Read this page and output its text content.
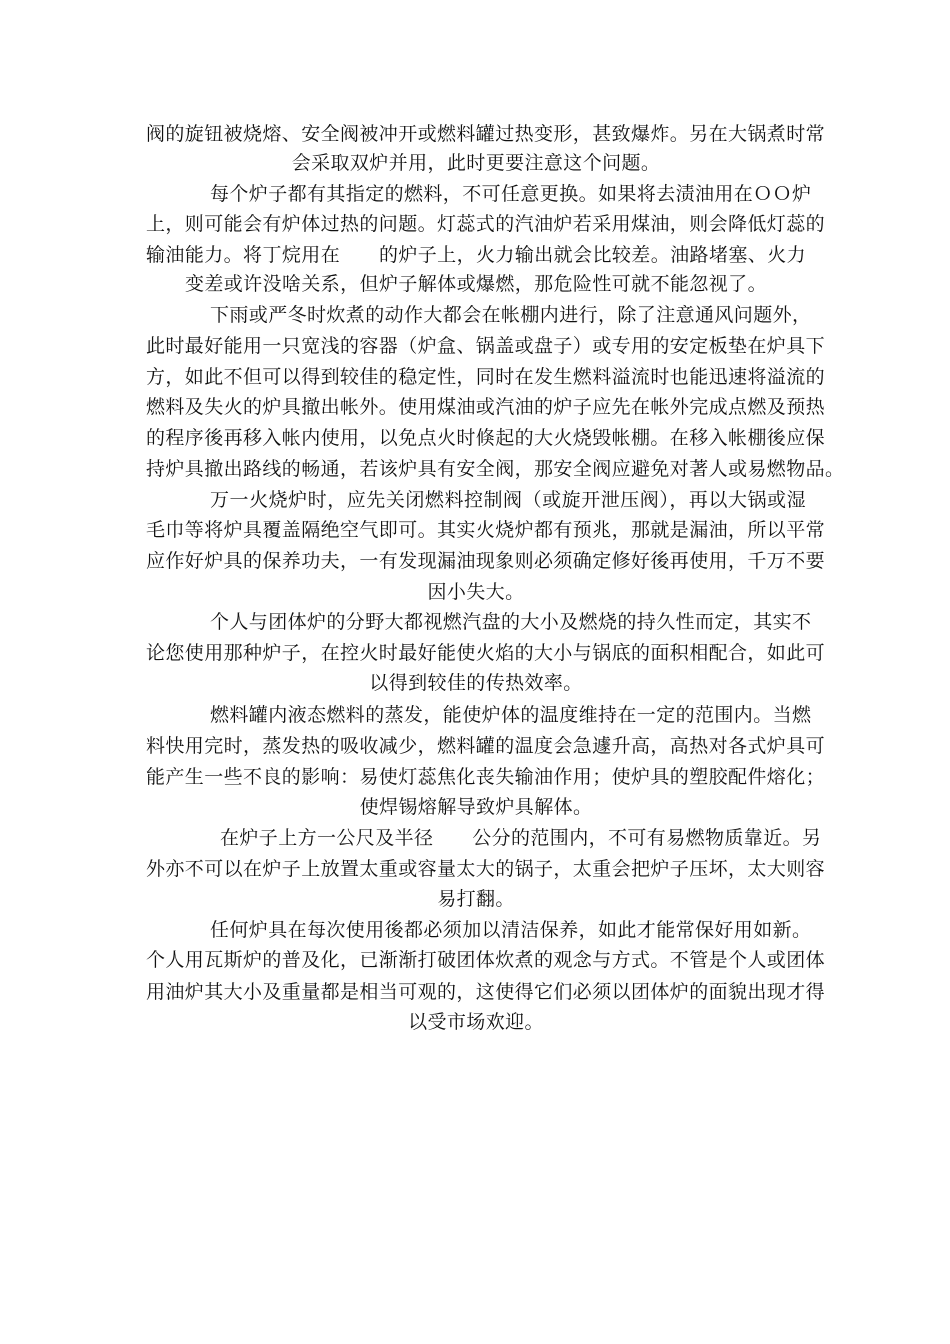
阀的旋钮被烧熔、安全阀被冲开或燃料罐过热变形，甚致爆炸。另在大锅煮时常
会采取双炉并用，此时更要注意这个问题。
每个炉子都有其指定的燃料，不可任意更换。如果将去渍油用在ＯＯ炉
上，则可能会有炉体过热的问题。灯蕊式的汽油炉若采用煤油，则会降低灯蕊的
输油能力。将丁烷用在　　的炉子上，火力输出就会比较差。油路堵塞、火力
变差或许没啥关系，但炉子解体或爆燃，那危险性可就不能忽视了。
下雨或严冬时炊煮的动作大都会在帐棚内进行，除了注意通风问题外，
此时最好能用一只宽浅的容器（炉盒、锅盖或盘子）或专用的安定板垫在炉具下
方，如此不但可以得到较佳的稳定性，同时在发生燃料溢流时也能迅速将溢流的
燃料及失火的炉具撤出帐外。使用煤油或汽油的炉子应先在帐外完成点燃及预热
的程序後再移入帐内使用，以免点火时倏起的大火烧毁帐棚。在移入帐棚後应保
持炉具撤出路线的畅通，若该炉具有安全阀，那安全阀应避免对著人或易燃物品。
万一火烧炉时，应先关闭燃料控制阀（或旋开泄压阀），再以大锅或湿
毛巾等将炉具覆盖隔绝空气即可。其实火烧炉都有预兆，那就是漏油，所以平常
应作好炉具的保养功夫，一有发现漏油现象则必须确定修好後再使用，千万不要
因小失大。
个人与团体炉的分野大都视燃汽盘的大小及燃烧的持久性而定，其实不
论您使用那种炉子，在控火时最好能使火焰的大小与锅底的面积相配合，如此可
以得到较佳的传热效率。
燃料罐内液态燃料的蒸发，能使炉体的温度维持在一定的范围内。当燃
料快用完时，蒸发热的吸收减少，燃料罐的温度会急遽升高，高热对各式炉具可
能产生一些不良的影响：易使灯蕊焦化丧失输油作用；使炉具的塑胶配件熔化；
使焊锡熔解导致炉具解体。
在炉子上方一公尺及半径　　公分的范围内，不可有易燃物质靠近。另
外亦不可以在炉子上放置太重或容量太大的锅子，太重会把炉子压坏，太大则容
易打翻。
任何炉具在每次使用後都必须加以清洁保养，如此才能常保好用如新。
个人用瓦斯炉的普及化，已渐渐打破团体炊煮的观念与方式。不管是个人或团体
用油炉其大小及重量都是相当可观的，这使得它们必须以团体炉的面貌出现才得
以受市场欢迎。
